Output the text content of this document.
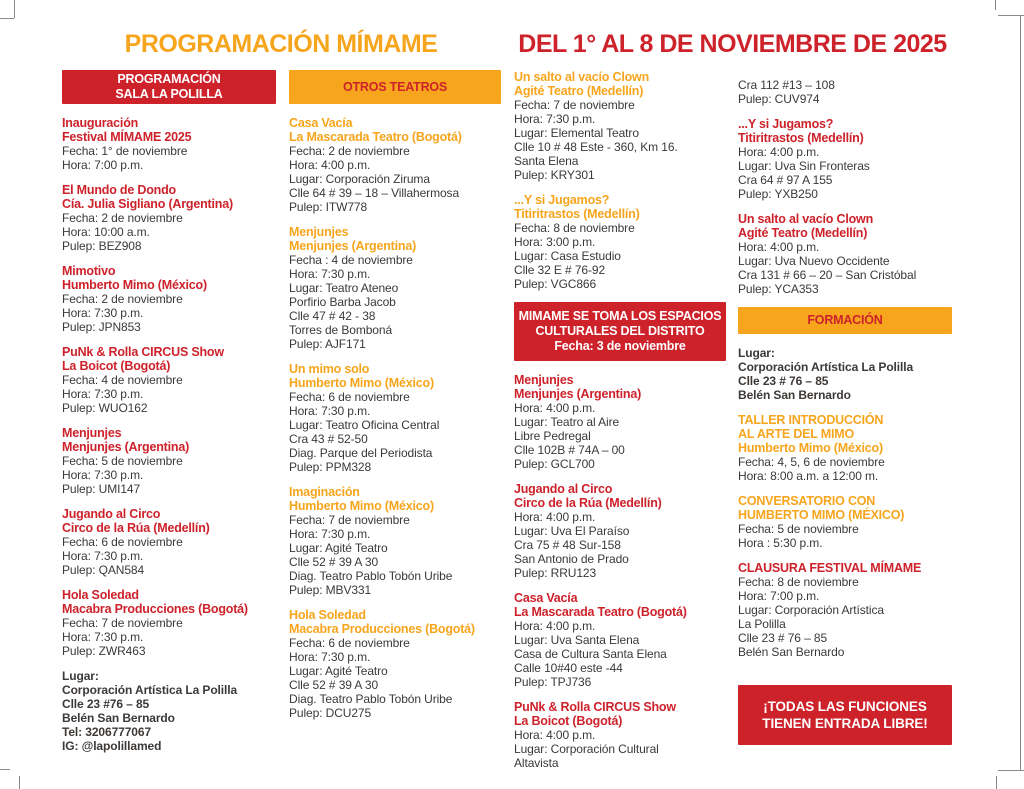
PROGRAMACIÓN MÍMAME	DEL 1° AL 8 DE NOVIEMBRE DE 2025
PROGRAMACIÓN
SALA LA POLILLA
Inauguración
Festival MÍMAME 2025
Fecha: 1° de noviembre
Hora: 7:00 p.m.
El Mundo de Dondo
Cía. Julia Sigliano (Argentina)
Fecha: 2 de noviembre
Hora: 10:00 a.m.
Pulep: BEZ908
Mimotivo
Humberto Mimo (México)
Fecha: 2 de noviembre
Hora: 7:30 p.m.
Pulep: JPN853
PuNk & Rolla CIRCUS Show
La Boicot (Bogotá)
Fecha: 4 de noviembre
Hora: 7:30 p.m.
Pulep: WUO162
Menjunjes
Menjunjes (Argentina)
Fecha: 5 de noviembre
Hora: 7:30 p.m.
Pulep: UMI147
Jugando al Circo
Circo de la Rúa (Medellín)
Fecha: 6 de noviembre
Hora: 7:30 p.m.
Pulep: QAN584
Hola Soledad
Macabra Producciones (Bogotá)
Fecha: 7 de noviembre
Hora: 7:30 p.m.
Pulep: ZWR463
Lugar:
Corporación Artística La Polilla
Clle 23 #76 – 85
Belén San Bernardo
Tel: 3206777067
IG: @lapolillamed
OTROS TEATROS
Casa Vacía
La Mascarada Teatro (Bogotá)
Fecha: 2 de noviembre
Hora: 4:00 p.m.
Lugar: Corporación Ziruma
Clle 64 # 39 – 18 – Villahermosa
Pulep: ITW778
Menjunjes
Menjunjes (Argentina)
Fecha : 4 de noviembre
Hora: 7:30 p.m.
Lugar: Teatro Ateneo
Porfirio Barba Jacob
Clle 47 # 42 - 38
Torres de Bomboná
Pulep: AJF171
Un mimo solo
Humberto Mimo (México)
Fecha: 6 de noviembre
Hora: 7:30 p.m.
Lugar: Teatro Oficina Central
Cra 43 # 52-50
Diag. Parque del Periodista
Pulep: PPM328
Imaginación
Humberto Mimo (México)
Fecha: 7 de noviembre
Hora: 7:30 p.m.
Lugar: Agité Teatro
Clle 52 # 39 A 30
Diag. Teatro Pablo Tobón Uribe
Pulep: MBV331
Hola Soledad
Macabra Producciones (Bogotá)
Fecha: 6 de noviembre
Hora: 7:30 p.m.
Lugar: Agité Teatro
Clle 52 # 39 A 30
Diag. Teatro Pablo Tobón Uribe
Pulep: DCU275
Un salto al vacío Clown
Agité Teatro (Medellín)
Fecha: 7 de noviembre
Hora: 7:30 p.m.
Lugar: Elemental Teatro
Clle 10 # 48 Este - 360, Km 16.
Santa Elena
Pulep: KRY301
...Y si Jugamos?
Titiritrastos (Medellín)
Fecha: 8 de noviembre
Hora: 3:00 p.m.
Lugar: Casa Estudio
Clle 32 E # 76-92
Pulep: VGC866
MIMAME SE TOMA LOS ESPACIOS
CULTURALES DEL DISTRITO
Fecha: 3 de noviembre
Menjunjes
Menjunjes (Argentina)
Hora: 4:00 p.m.
Lugar: Teatro al Aire
Libre Pedregal
Clle 102B # 74A – 00
Pulep: GCL700
Jugando al Circo
Circo de la Rúa (Medellín)
Hora: 4:00 p.m.
Lugar: Uva El Paraíso
Cra 75 # 48 Sur-158
San Antonio de Prado
Pulep: RRU123
Casa Vacía
La Mascarada Teatro (Bogotá)
Hora: 4:00 p.m.
Lugar: Uva Santa Elena
Casa de Cultura Santa Elena
Calle 10#40 este -44
Pulep: TPJ736
PuNk & Rolla CIRCUS Show
La Boicot (Bogotá)
Hora: 4:00 p.m.
Lugar: Corporación Cultural
Altavista
Cra 112 #13 – 108
Pulep: CUV974
...Y si Jugamos?
Titiritrastos (Medellín)
Hora: 4:00 p.m.
Lugar: Uva Sin Fronteras
Cra 64 # 97 A 155
Pulep: YXB250
Un salto al vacío Clown
Agité Teatro (Medellín)
Hora: 4:00 p.m.
Lugar: Uva Nuevo Occidente
Cra 131 # 66 – 20 – San Cristóbal
Pulep: YCA353
FORMACIÓN
Lugar:
Corporación Artística La Polilla
Clle 23 # 76 – 85
Belén San Bernardo
TALLER INTRODUCCIÓN
AL ARTE DEL MIMO
Humberto Mimo (México)
Fecha: 4, 5, 6 de noviembre
Hora: 8:00 a.m. a 12:00 m.
CONVERSATORIO CON
HUMBERTO MIMO (MÉXICO)
Fecha: 5 de noviembre
Hora : 5:30 p.m.
CLAUSURA FESTIVAL MÍMAME
Fecha: 8 de noviembre
Hora: 7:00 p.m.
Lugar: Corporación Artística
La Polilla
Clle 23 # 76 – 85
Belén San Bernardo
¡TODAS LAS FUNCIONES
TIENEN ENTRADA LIBRE!
